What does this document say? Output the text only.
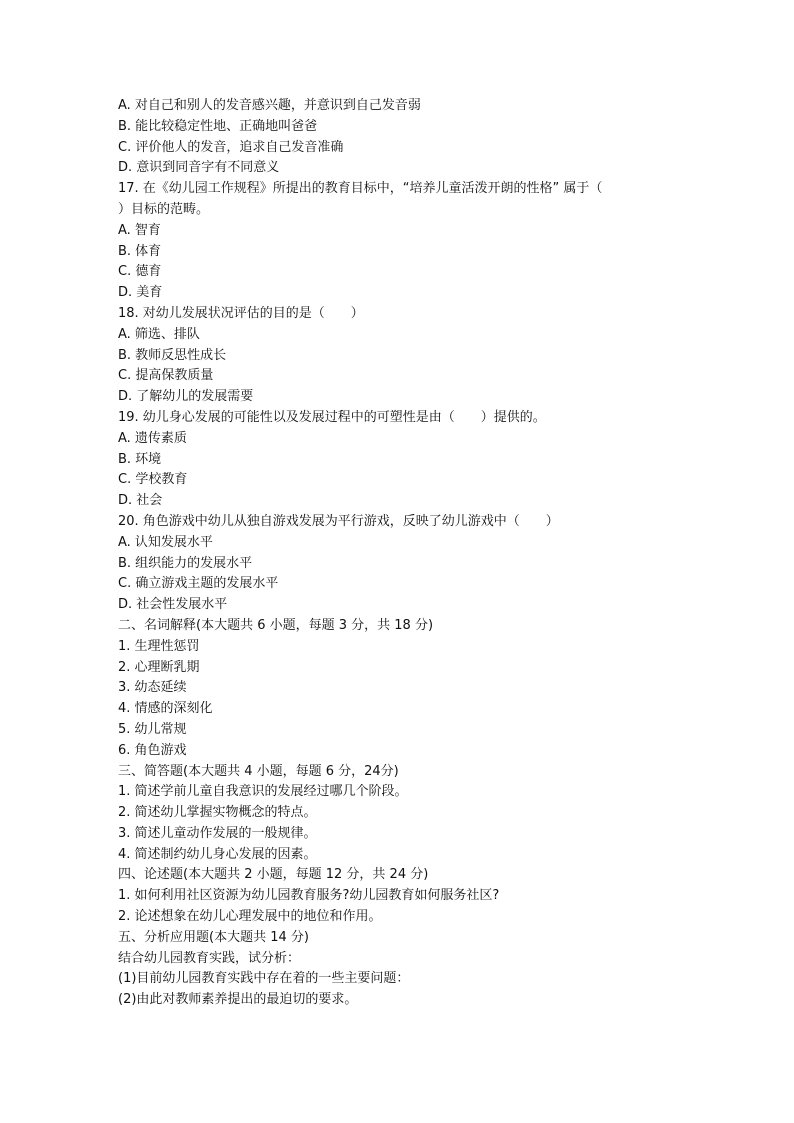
A. 对自己和别人的发音感兴趣，并意识到自己发音弱
B. 能比较稳定性地、正确地叫爸爸
C. 评价他人的发音，追求自己发音准确
D. 意识到同音字有不同意义
17. 在《幼儿园工作规程》所提出的教育目标中，“培养儿童活泼开朗的性格” 属于（
）目标的范畴。
A. 智育
B. 体育
C. 德育
D. 美育
18. 对幼儿发展状况评估的目的是（　　）
A. 筛选、排队
B. 教师反思性成长
C. 提高保教质量
D. 了解幼儿的发展需要
19. 幼儿身心发展的可能性以及发展过程中的可塑性是由（　　）提供的。
A. 遗传素质
B. 环境
C. 学校教育
D. 社会
20. 角色游戏中幼儿从独自游戏发展为平行游戏，反映了幼儿游戏中（　　）
A. 认知发展水平
B. 组织能力的发展水平
C. 确立游戏主题的发展水平
D. 社会性发展水平
二、名词解释(本大题共 6 小题，每题 3 分，共 18 分)
1. 生理性惩罚
2. 心理断乳期
3. 幼态延续
4. 情感的深刻化
5. 幼儿常规
6. 角色游戏
三、简答题(本大题共 4 小题，每题 6 分，24分)
1. 简述学前儿童自我意识的发展经过哪几个阶段。
2. 简述幼儿掌握实物概念的特点。
3. 简述儿童动作发展的一般规律。
4. 简述制约幼儿身心发展的因素。
四、论述题(本大题共 2 小题，每题 12 分，共 24 分)
1. 如何利用社区资源为幼儿园教育服务?幼儿园教育如何服务社区?
2. 论述想象在幼儿心理发展中的地位和作用。
五、分析应用题(本大题共 14 分)
结合幼儿园教育实践，试分析：
(1)目前幼儿园教育实践中存在着的一些主要问题：
(2)由此对教师素养提出的最迫切的要求。
